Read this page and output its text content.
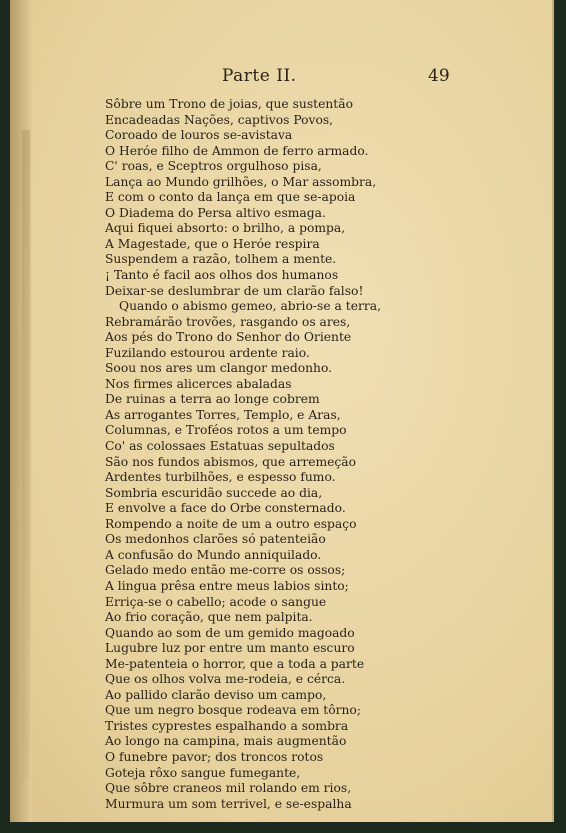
Parte II.	49
Sôbre um Trono de joias, que sustentão
Encadeadas Nações, captivos Povos,
Coroado de louros se-avistava
O Heróe filho de Ammon de ferro armado.
C' roas, e Sceptros orgulhoso pisa,
Lança ao Mundo grilhões, o Mar assombra,
E com o conto da lança em que se-apoia
O Diadema do Persa altivo esmaga.
Aqui fiquei absorto: o brilho, a pompa,
A Magestade, que o Heróe respira
Suspendem a razão, tolhem a mente.
¡ Tanto é facil aos olhos dos humanos
Deixar-se deslumbrar de um clarão falso!
Quando o abismo gemeo, abrio-se a terra,
Rebramárão trovões, rasgando os ares,
Aos pés do Trono do Senhor do Oriente
Fuzilando estourou ardente raio.
Soou nos ares um clangor medonho.
Nos firmes alicerces abaladas
De ruinas a terra ao longe cobrem
As arrogantes Torres, Templo, e Aras,
Columnas, e Troféos rotos a um tempo
Co' as colossaes Estatuas sepultados
São nos fundos abismos, que arremeção
Ardentes turbilhões, e espesso fumo.
Sombria escuridão succede ao dia,
E envolve a face do Orbe consternado.
Rompendo a noite de um a outro espaço
Os medonhos clarões só patenteião
A confusão do Mundo anniquilado.
Gelado medo então me-corre os ossos;
A lingua prêsa entre meus labios sinto;
Erriça-se o cabello; acode o sangue
Ao frio coração, que nem palpita.
Quando ao som de um gemido magoado
Lugubre luz por entre um manto escuro
Me-patenteia o horror, que a toda a parte
Que os olhos volva me-rodeia, e cérca.
Ao pallido clarão deviso um campo,
Que um negro bosque rodeava em tôrno;
Tristes cyprestes espalhando a sombra
Ao longo na campina, mais augmentão
O funebre pavor; dos troncos rotos
Goteja rôxo sangue fumegante,
Que sôbre craneos mil rolando em rios,
Murmura um som terrivel, e se-espalha
